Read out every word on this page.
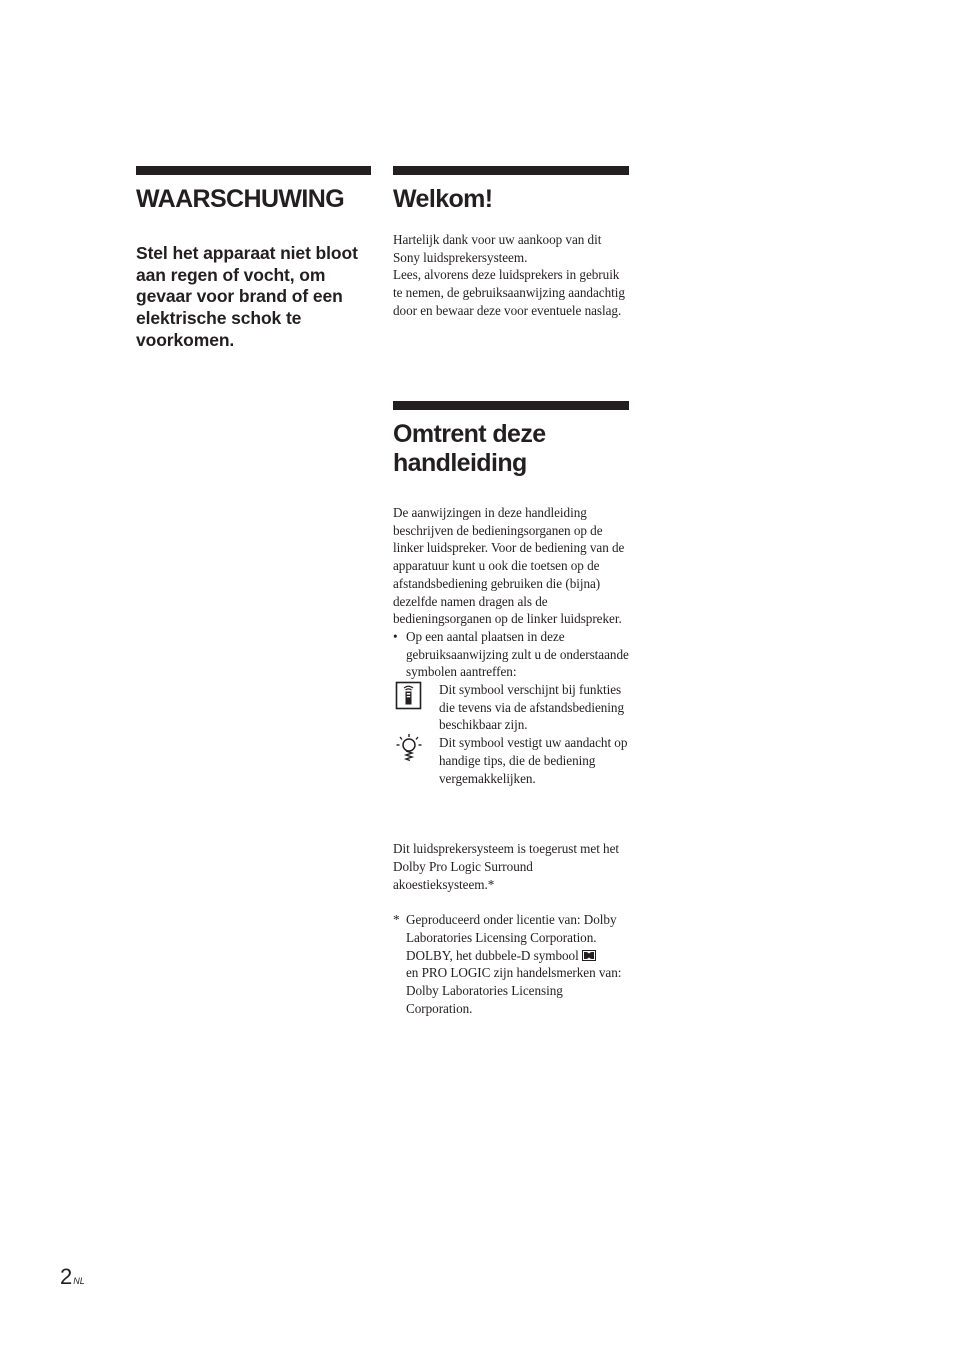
WAARSCHUWING

Stel het apparaat niet bloot aan regen of vocht, om gevaar voor brand of een elektrische schok te voorkomen.

Welkom!

Hartelijk dank voor uw aankoop van dit Sony luidsprekersysteem.

Lees, alvorens deze luidsprekers in gebruik te nemen, de gebruiksaanwijzing aandachtig door en bewaar deze voor eventuele naslag.

Omtrent deze
handleiding

De aanwijzingen in deze handleiding beschrijven de bedieningsorganen op de linker luidspreker. Voor de bediening van de apparatuur kunt u ook die toetsen op de afstandsbediening gebruiken die (bijna) dezelfde namen dragen als de bedieningsorganen op de linker luidspreker.

• Op een aantal plaatsen in deze gebruiksaanwijzing zult u de onderstaande symbolen aantreffen:
Dit symbool verschijnt bij funkties die tevens via de afstandsbediening beschikbaar zijn.
Dit symbool vestigt uw aandacht op handige tips, die de bediening vergemakkelijken.

Dit luidsprekersysteem is toegerust met het Dolby Pro Logic Surround akoestieksysteem.*

* Geproduceerd onder licentie van: Dolby Laboratories Licensing Corporation.
DOLBY, het dubbele-D symbool
en PRO LOGIC zijn handelsmerken van: Dolby Laboratories Licensing Corporation.
$2^{NL}$
